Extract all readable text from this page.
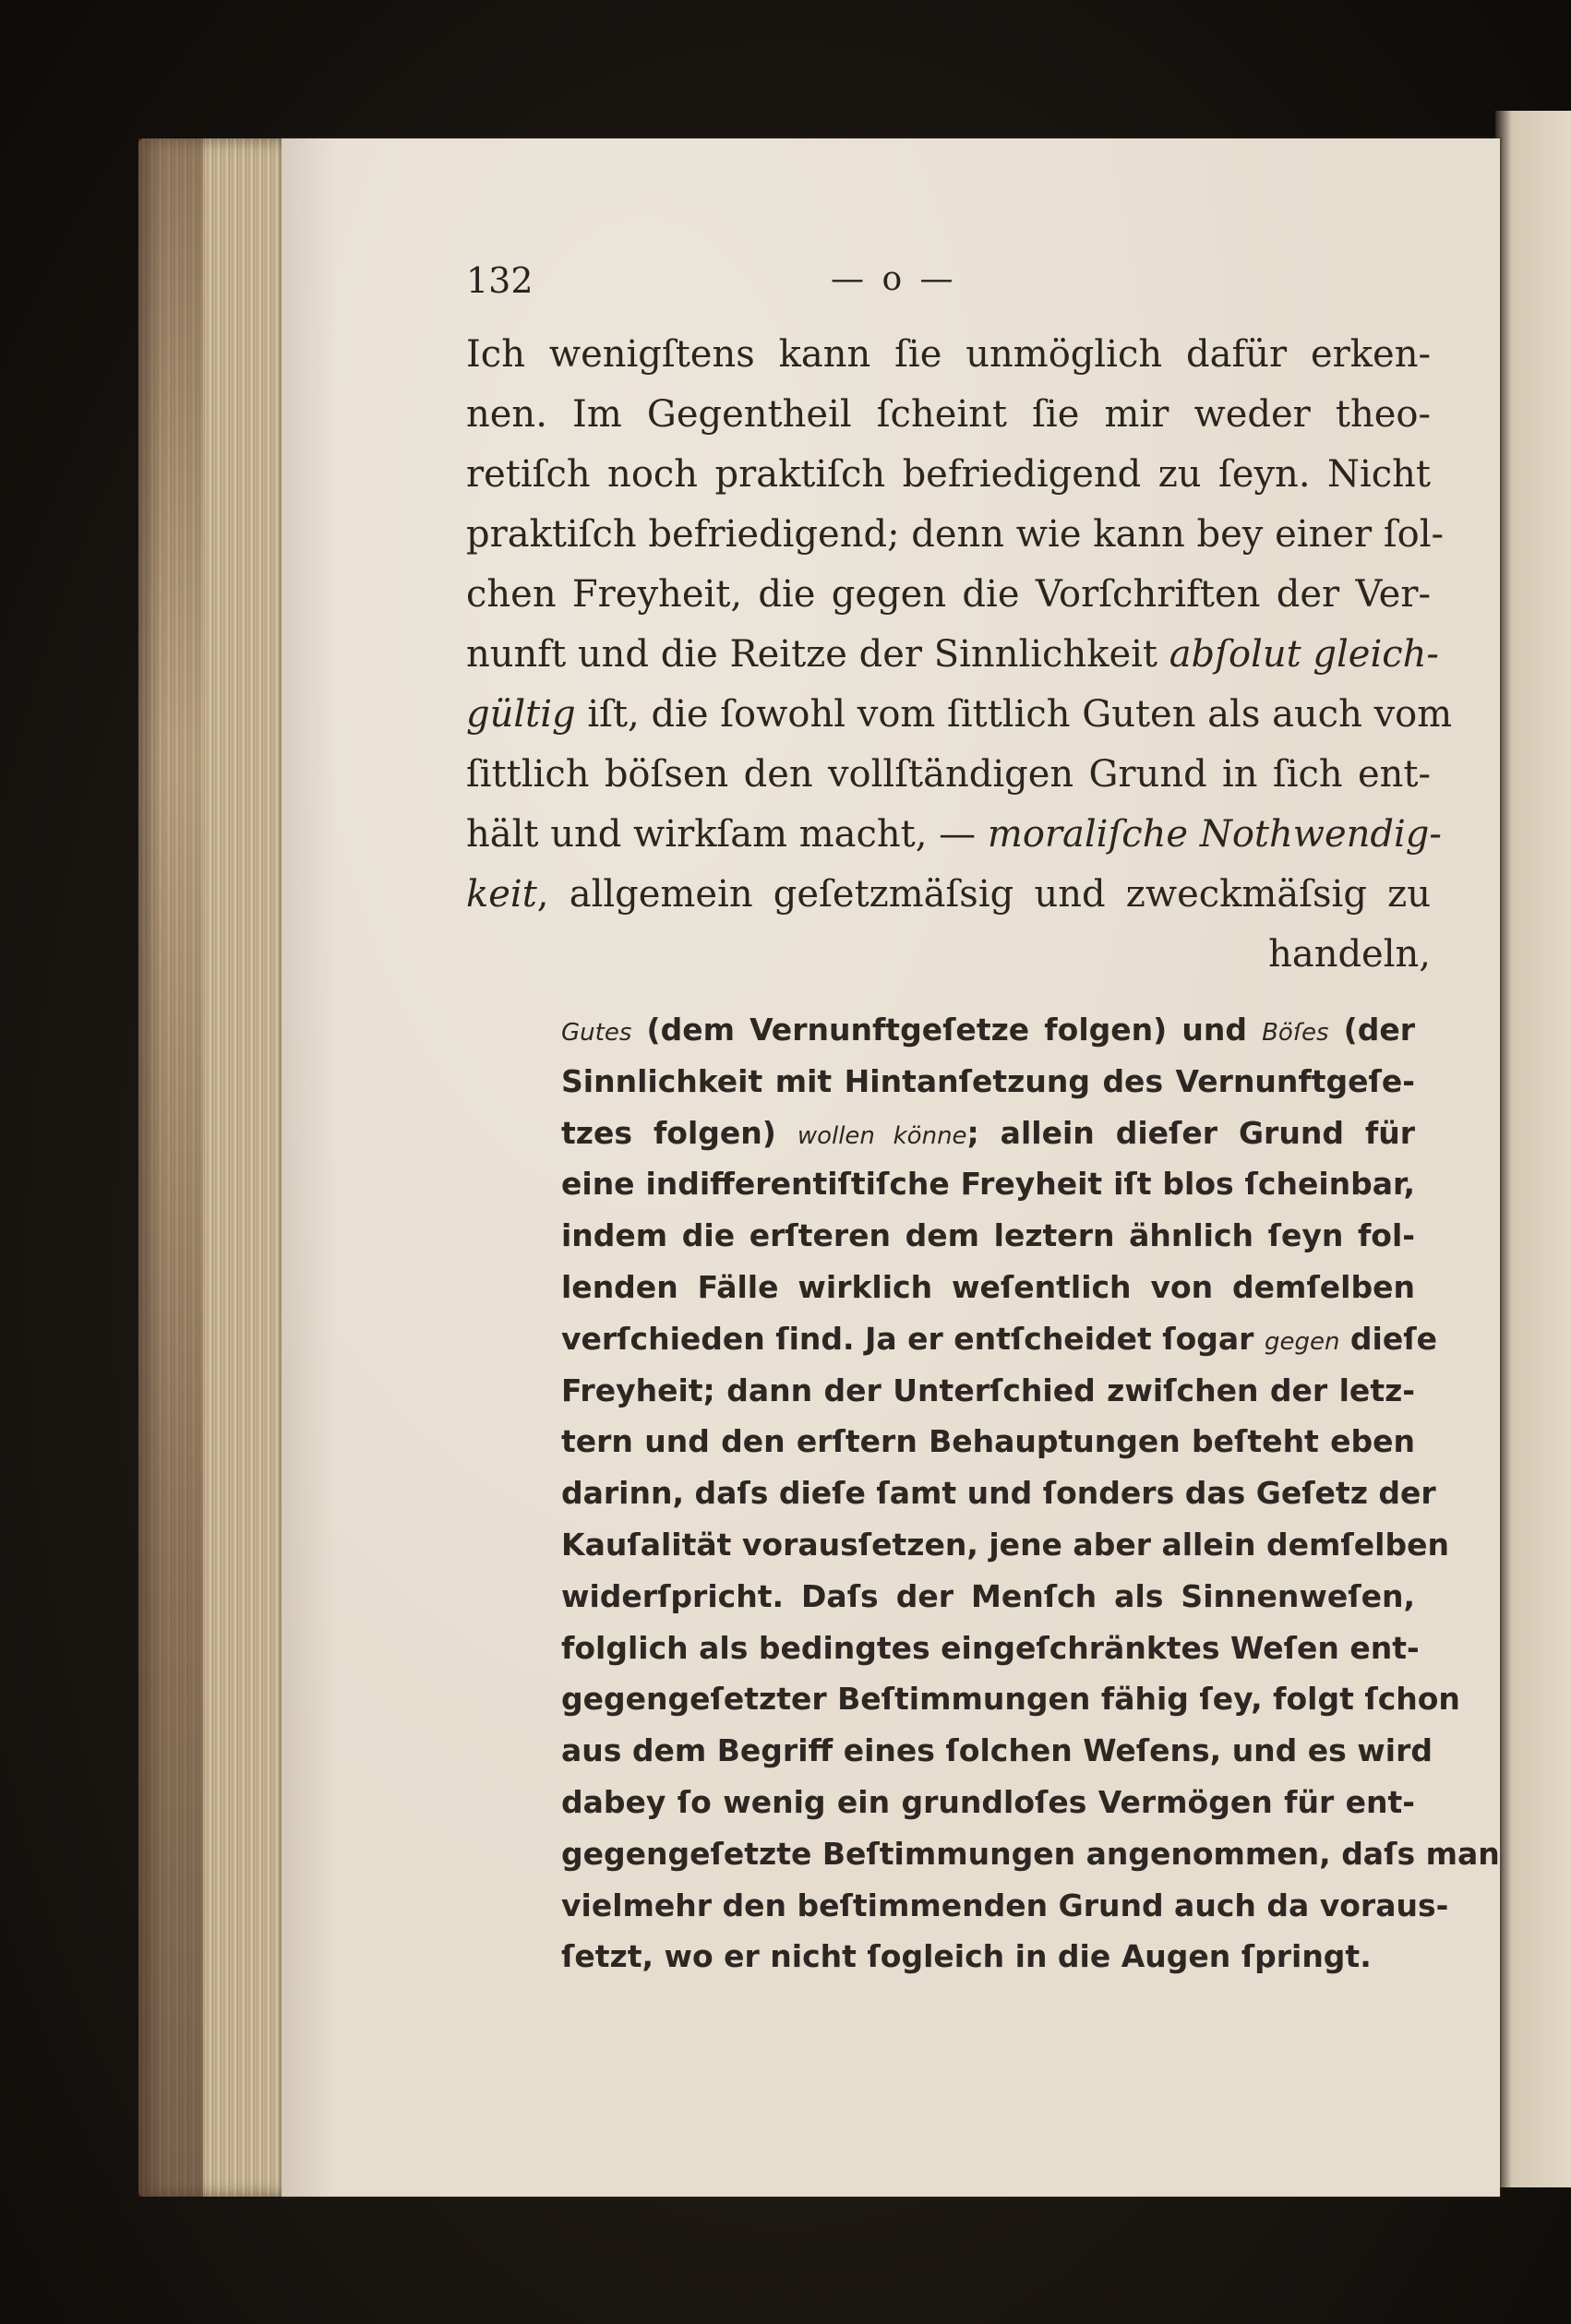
132	— o —
Ich wenigſtens kann ſie unmöglich dafür erken-
nen. Im Gegentheil ſcheint ſie mir weder theo-
retiſch noch praktiſch befriedigend zu ſeyn. Nicht
praktiſch befriedigend; denn wie kann bey einer ſol-
chen Freyheit, die gegen die Vorſchriften der Ver-
nunft und die Reitze der Sinnlichkeit abſolut gleich-
gültig iſt, die ſowohl vom ſittlich Guten als auch vom
ſittlich böſsen den vollſtändigen Grund in ſich ent-
hält und wirkſam macht, — moraliſche Nothwendig-
keit, allgemein geſetzmäſsig und zweckmäſsig zu
handeln,
Gutes (dem Vernunftgeſetze folgen) und Böſes (der
Sinnlichkeit mit Hintanſetzung des Vernunftgeſe-
tzes folgen) wollen könne; allein dieſer Grund für
eine indifferentiſtiſche Freyheit iſt blos ſcheinbar,
indem die erſteren dem leztern ähnlich ſeyn fol-
lenden Fälle wirklich weſentlich von demſelben
verſchieden ſind. Ja er entſcheidet ſogar gegen dieſe
Freyheit; dann der Unterſchied zwiſchen der letz-
tern und den erſtern Behauptungen beſteht eben
darinn, daſs dieſe ſamt und ſonders das Geſetz der
Kauſalität vorausſetzen, jene aber allein demſelben
widerſpricht. Daſs der Menſch als Sinnenweſen,
folglich als bedingtes eingeſchränktes Weſen ent-
gegengeſetzter Beſtimmungen fähig ſey, folgt ſchon
aus dem Begriff eines ſolchen Weſens, und es wird
dabey ſo wenig ein grundloſes Vermögen für ent-
gegengeſetzte Beſtimmungen angenommen, daſs man
vielmehr den beſtimmenden Grund auch da voraus-
ſetzt, wo er nicht ſogleich in die Augen ſpringt.
